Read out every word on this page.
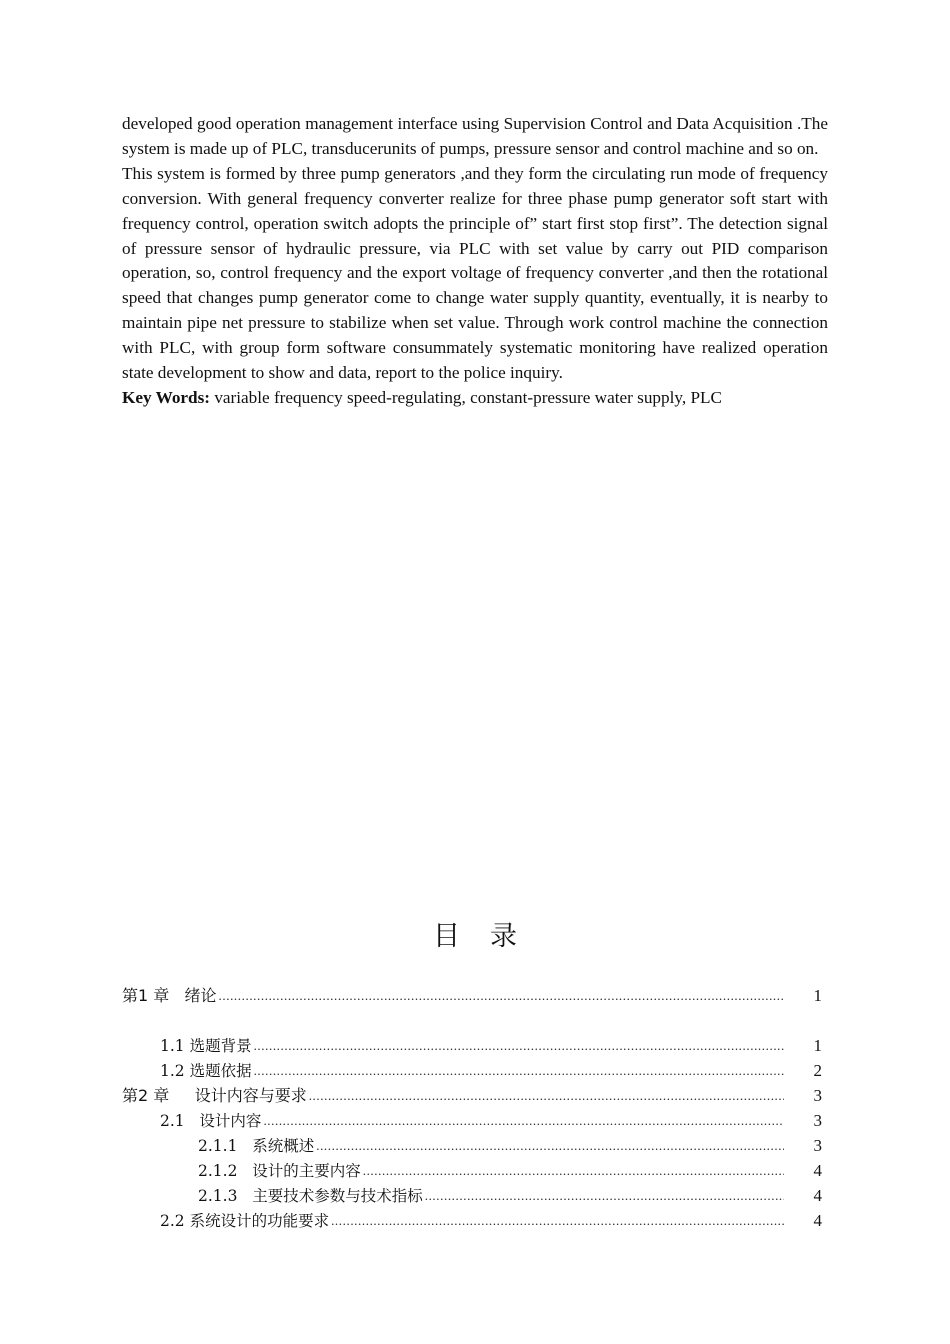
developed good operation management interface using Supervision Control and Data Acquisition .The system is made up of PLC, transducerunits of pumps, pressure sensor and control machine and so on.

This system is formed by three pump generators ,and they form the circulating run mode of frequency conversion. With general frequency converter realize for three phase pump generator soft start with frequency control, operation switch adopts the principle of” start first stop first”. The detection signal of pressure sensor of hydraulic pressure, via PLC with set value by carry out PID comparison operation, so, control frequency and the export voltage of frequency converter ,and then the rotational speed that changes pump generator come to change water supply quantity, eventually, it is nearby to maintain pipe net pressure to stabilize when set value. Through work control machine the connection with PLC, with group form software consummately systematic monitoring have realized operation state development to show and data, report to the police inquiry.

Key Words: variable frequency speed-regulating, constant-pressure water supply, PLC

目 录
第1 章   绪论 .....	1
1.1 选题背景 .....	1
1.2 选题依据 .....	2
第2 章     设计内容与要求 .....	3
2.1   设计内容 .....	3
2.1.1   系统概述 .....	3
2.1.2   设计的主要内容 .....	4
2.1.3   主要技术参数与技术指标 .....	4
2.2 系统设计的功能要求 .....	4
